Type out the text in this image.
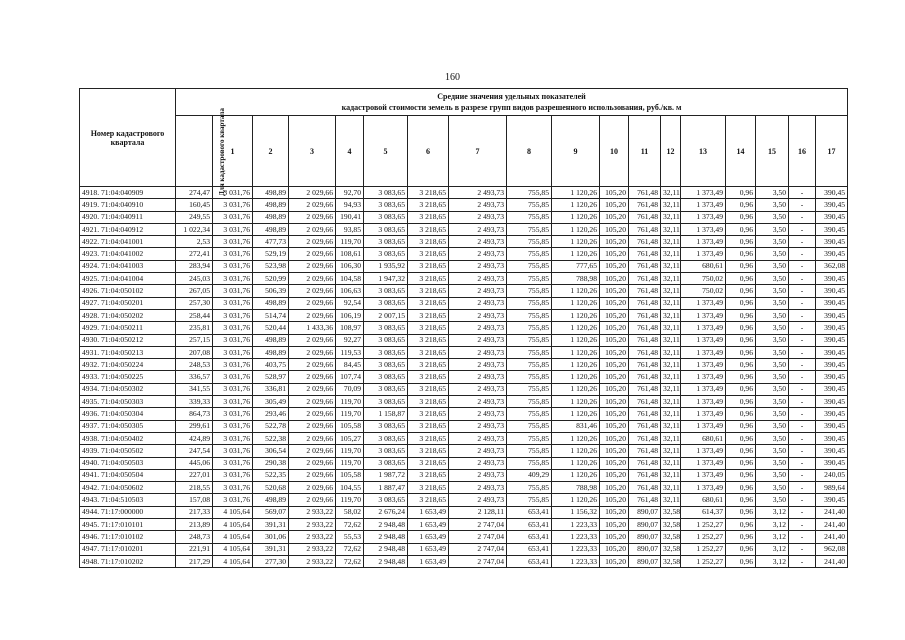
160
Номер кадастрового квартала	Средние значения удельных показателей
кадастровой стоимости земель в разрезе групп видов разрешенного использования, руб./кв. м																	

	Для кадастрового квартала	1	2	3	4	5	6	7	8	9	10	11	12	13	14	15	16	17
4918. 71:04:040909	274,47	3 031,76	498,89	2 029,66	92,70	3 083,65	3 218,65	2 493,73	755,85	1 120,26	105,20	761,48	32,11	1 373,49	0,96	3,50	-	390,45
4919. 71:04:040910	160,45	3 031,76	498,89	2 029,66	94,93	3 083,65	3 218,65	2 493,73	755,85	1 120,26	105,20	761,48	32,11	1 373,49	0,96	3,50	-	390,45
4920. 71:04:040911	249,55	3 031,76	498,89	2 029,66	190,41	3 083,65	3 218,65	2 493,73	755,85	1 120,26	105,20	761,48	32,11	1 373,49	0,96	3,50	-	390,45
4921. 71:04:040912	1 022,34	3 031,76	498,89	2 029,66	93,85	3 083,65	3 218,65	2 493,73	755,85	1 120,26	105,20	761,48	32,11	1 373,49	0,96	3,50	-	390,45
4922. 71:04:041001	2,53	3 031,76	477,73	2 029,66	119,70	3 083,65	3 218,65	2 493,73	755,85	1 120,26	105,20	761,48	32,11	1 373,49	0,96	3,50	-	390,45
4923. 71:04:041002	272,41	3 031,76	529,19	2 029,66	108,61	3 083,65	3 218,65	2 493,73	755,85	1 120,26	105,20	761,48	32,11	1 373,49	0,96	3,50	-	390,45
4924. 71:04:041003	283,94	3 031,76	523,98	2 029,66	106,30	1 935,92	3 218,65	2 493,73	755,85	777,65	105,20	761,48	32,11	680,61	0,96	3,50	-	362,08
4925. 71:04:041004	245,03	3 031,76	520,99	2 029,66	104,58	1 947,32	3 218,65	2 493,73	755,85	788,98	105,20	761,48	32,11	750,02	0,96	3,50	-	390,45
4926. 71:04:050102	267,05	3 031,76	506,39	2 029,66	106,63	3 083,65	3 218,65	2 493,73	755,85	1 120,26	105,20	761,48	32,11	750,02	0,96	3,50	-	390,45
4927. 71:04:050201	257,30	3 031,76	498,89	2 029,66	92,54	3 083,65	3 218,65	2 493,73	755,85	1 120,26	105,20	761,48	32,11	1 373,49	0,96	3,50	-	390,45
4928. 71:04:050202	258,44	3 031,76	514,74	2 029,66	106,19	2 007,15	3 218,65	2 493,73	755,85	1 120,26	105,20	761,48	32,11	1 373,49	0,96	3,50	-	390,45
4929. 71:04:050211	235,81	3 031,76	520,44	1 433,36	108,97	3 083,65	3 218,65	2 493,73	755,85	1 120,26	105,20	761,48	32,11	1 373,49	0,96	3,50	-	390,45
4930. 71:04:050212	257,15	3 031,76	498,89	2 029,66	92,27	3 083,65	3 218,65	2 493,73	755,85	1 120,26	105,20	761,48	32,11	1 373,49	0,96	3,50	-	390,45
4931. 71:04:050213	207,08	3 031,76	498,89	2 029,66	119,53	3 083,65	3 218,65	2 493,73	755,85	1 120,26	105,20	761,48	32,11	1 373,49	0,96	3,50	-	390,45
4932. 71:04:050224	248,53	3 031,76	403,75	2 029,66	84,45	3 083,65	3 218,65	2 493,73	755,85	1 120,26	105,20	761,48	32,11	1 373,49	0,96	3,50	-	390,45
4933. 71:04:050225	336,57	3 031,76	528,97	2 029,66	107,74	3 083,65	3 218,65	2 493,73	755,85	1 120,26	105,20	761,48	32,11	1 373,49	0,96	3,50	-	390,45
4934. 71:04:050302	341,55	3 031,76	336,81	2 029,66	70,09	3 083,65	3 218,65	2 493,73	755,85	1 120,26	105,20	761,48	32,11	1 373,49	0,96	3,50	-	390,45
4935. 71:04:050303	339,33	3 031,76	305,49	2 029,66	119,70	3 083,65	3 218,65	2 493,73	755,85	1 120,26	105,20	761,48	32,11	1 373,49	0,96	3,50	-	390,45
4936. 71:04:050304	864,73	3 031,76	293,46	2 029,66	119,70	1 158,87	3 218,65	2 493,73	755,85	1 120,26	105,20	761,48	32,11	1 373,49	0,96	3,50	-	390,45
4937. 71:04:050305	299,61	3 031,76	522,78	2 029,66	105,58	3 083,65	3 218,65	2 493,73	755,85	831,46	105,20	761,48	32,11	1 373,49	0,96	3,50	-	390,45
4938. 71:04:050402	424,89	3 031,76	522,38	2 029,66	105,27	3 083,65	3 218,65	2 493,73	755,85	1 120,26	105,20	761,48	32,11	680,61	0,96	3,50	-	390,45
4939. 71:04:050502	247,54	3 031,76	306,54	2 029,66	119,70	3 083,65	3 218,65	2 493,73	755,85	1 120,26	105,20	761,48	32,11	1 373,49	0,96	3,50	-	390,45
4940. 71:04:050503	445,06	3 031,76	290,38	2 029,66	119,70	3 083,65	3 218,65	2 493,73	755,85	1 120,26	105,20	761,48	32,11	1 373,49	0,96	3,50	-	390,45
4941. 71:04:050504	227,01	3 031,76	522,35	2 029,66	105,58	1 987,72	3 218,65	2 493,73	409,29	1 120,26	105,20	761,48	32,11	1 373,49	0,96	3,50	-	240,05
4942. 71:04:050602	218,55	3 031,76	520,68	2 029,66	104,55	1 887,47	3 218,65	2 493,73	755,85	788,98	105,20	761,48	32,11	1 373,49	0,96	3,50	-	989,64
4943. 71:04:510503	157,08	3 031,76	498,89	2 029,66	119,70	3 083,65	3 218,65	2 493,73	755,85	1 120,26	105,20	761,48	32,11	680,61	0,96	3,50	-	390,45
4944. 71:17:000000	217,33	4 105,64	569,07	2 933,22	58,02	2 676,24	1 653,49	2 128,11	653,41	1 156,32	105,20	890,07	32,58	614,37	0,96	3,12	-	241,40
4945. 71:17:010101	213,89	4 105,64	391,31	2 933,22	72,62	2 948,48	1 653,49	2 747,04	653,41	1 223,33	105,20	890,07	32,58	1 252,27	0,96	3,12	-	241,40
4946. 71:17:010102	248,73	4 105,64	301,06	2 933,22	55,53	2 948,48	1 653,49	2 747,04	653,41	1 223,33	105,20	890,07	32,58	1 252,27	0,96	3,12	-	241,40
4947. 71:17:010201	221,91	4 105,64	391,31	2 933,22	72,62	2 948,48	1 653,49	2 747,04	653,41	1 223,33	105,20	890,07	32,58	1 252,27	0,96	3,12	-	962,08
4948. 71:17:010202	217,29	4 105,64	277,30	2 933,22	72,62	2 948,48	1 653,49	2 747,04	653,41	1 223,33	105,20	890,07	32,58	1 252,27	0,96	3,12	-	241,40
